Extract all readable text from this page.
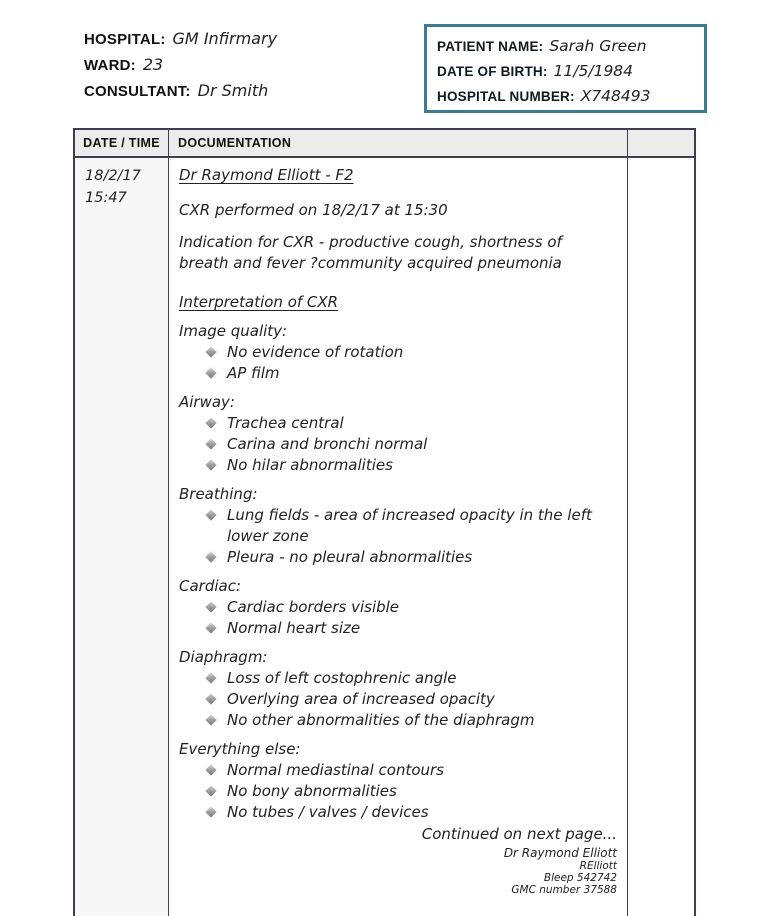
HOSPITAL: GM Infirmary
WARD: 23
CONSULTANT: Dr Smith
PATIENT NAME: Sarah Green
DATE OF BIRTH: 11/5/1984
HOSPITAL NUMBER: X748493
DATE / TIME	DOCUMENTATION
18/2/17
15:47
Dr Raymond Elliott - F2
CXR performed on 18/2/17 at 15:30
Indication for CXR - productive cough, shortness of breath and fever ?community acquired pneumonia
Interpretation of CXR
Image quality:
No evidence of rotation
AP film
Airway:
Trachea central
Carina and bronchi normal
No hilar abnormalities
Breathing:
Lung fields - area of increased opacity in the left lower zone
Pleura - no pleural abnormalities
Cardiac:
Cardiac borders visible
Normal heart size
Diaphragm:
Loss of left costophrenic angle
Overlying area of increased opacity
No other abnormalities of the diaphragm
Everything else:
Normal mediastinal contours
No bony abnormalities
No tubes / valves / devices
Continued on next page...
Dr Raymond Elliott
RElliott
Bleep 542742
GMC number 37588
